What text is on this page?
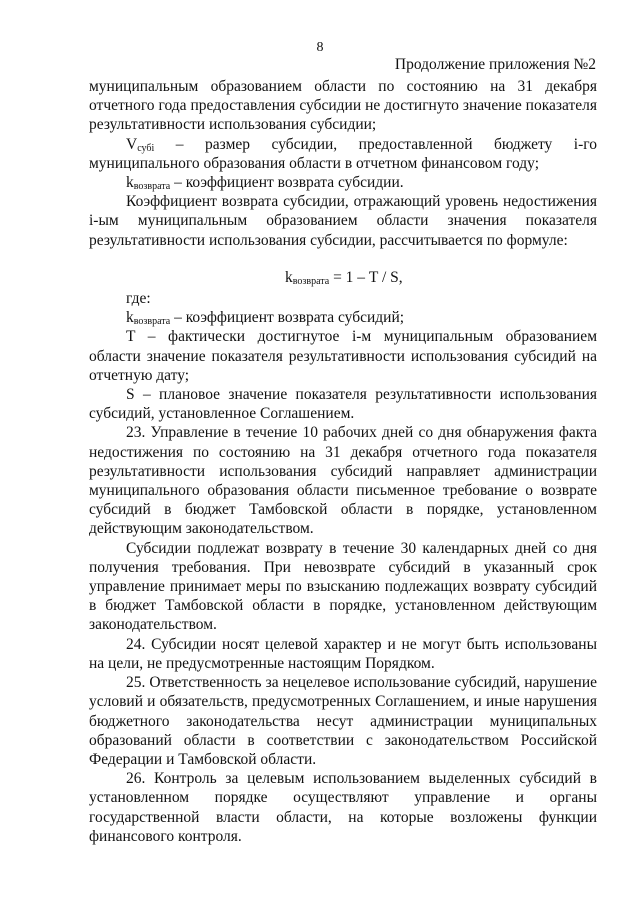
8
Продолжение приложения №2

муниципальным образованием области по состоянию на 31 декабря отчетного года предоставления субсидии не достигнуто значение показателя результативности использования субсидии;

$V_{субi}$ – размер субсидии, предоставленной бюджету i-го муниципального образования области в отчетном финансовом году;

$k_{возврата}$ – коэффициент возврата субсидии.

Коэффициент возврата субсидии, отражающий уровень недостижения i-ым муниципальным образованием области значения показателя результативности использования субсидии, рассчитывается по формуле:

$k_{возврата} = 1 - T / S$,

где:

$k_{возврата}$ – коэффициент возврата субсидий;

T – фактически достигнутое i-м муниципальным образованием области значение показателя результативности использования субсидий на отчетную дату;

S – плановое значение показателя результативности использования субсидий, установленное Соглашением.

23. Управление в течение 10 рабочих дней со дня обнаружения факта недостижения по состоянию на 31 декабря отчетного года показателя результативности использования субсидий направляет администрации муниципального образования области письменное требование о возврате субсидий в бюджет Тамбовской области в порядке, установленном действующим законодательством.

Субсидии подлежат возврату в течение 30 календарных дней со дня получения требования. При невозврате субсидий в указанный срок управление принимает меры по взысканию подлежащих возврату субсидий в бюджет Тамбовской области в порядке, установленном действующим законодательством.

24. Субсидии носят целевой характер и не могут быть использованы на цели, не предусмотренные настоящим Порядком.

25. Ответственность за нецелевое использование субсидий, нарушение условий и обязательств, предусмотренных Соглашением, и иные нарушения бюджетного законодательства несут администрации муниципальных образований области в соответствии с законодательством Российской Федерации и Тамбовской области.

26. Контроль за целевым использованием выделенных субсидий в установленном порядке осуществляют управление и органы государственной власти области, на которые возложены функции финансового контроля.
